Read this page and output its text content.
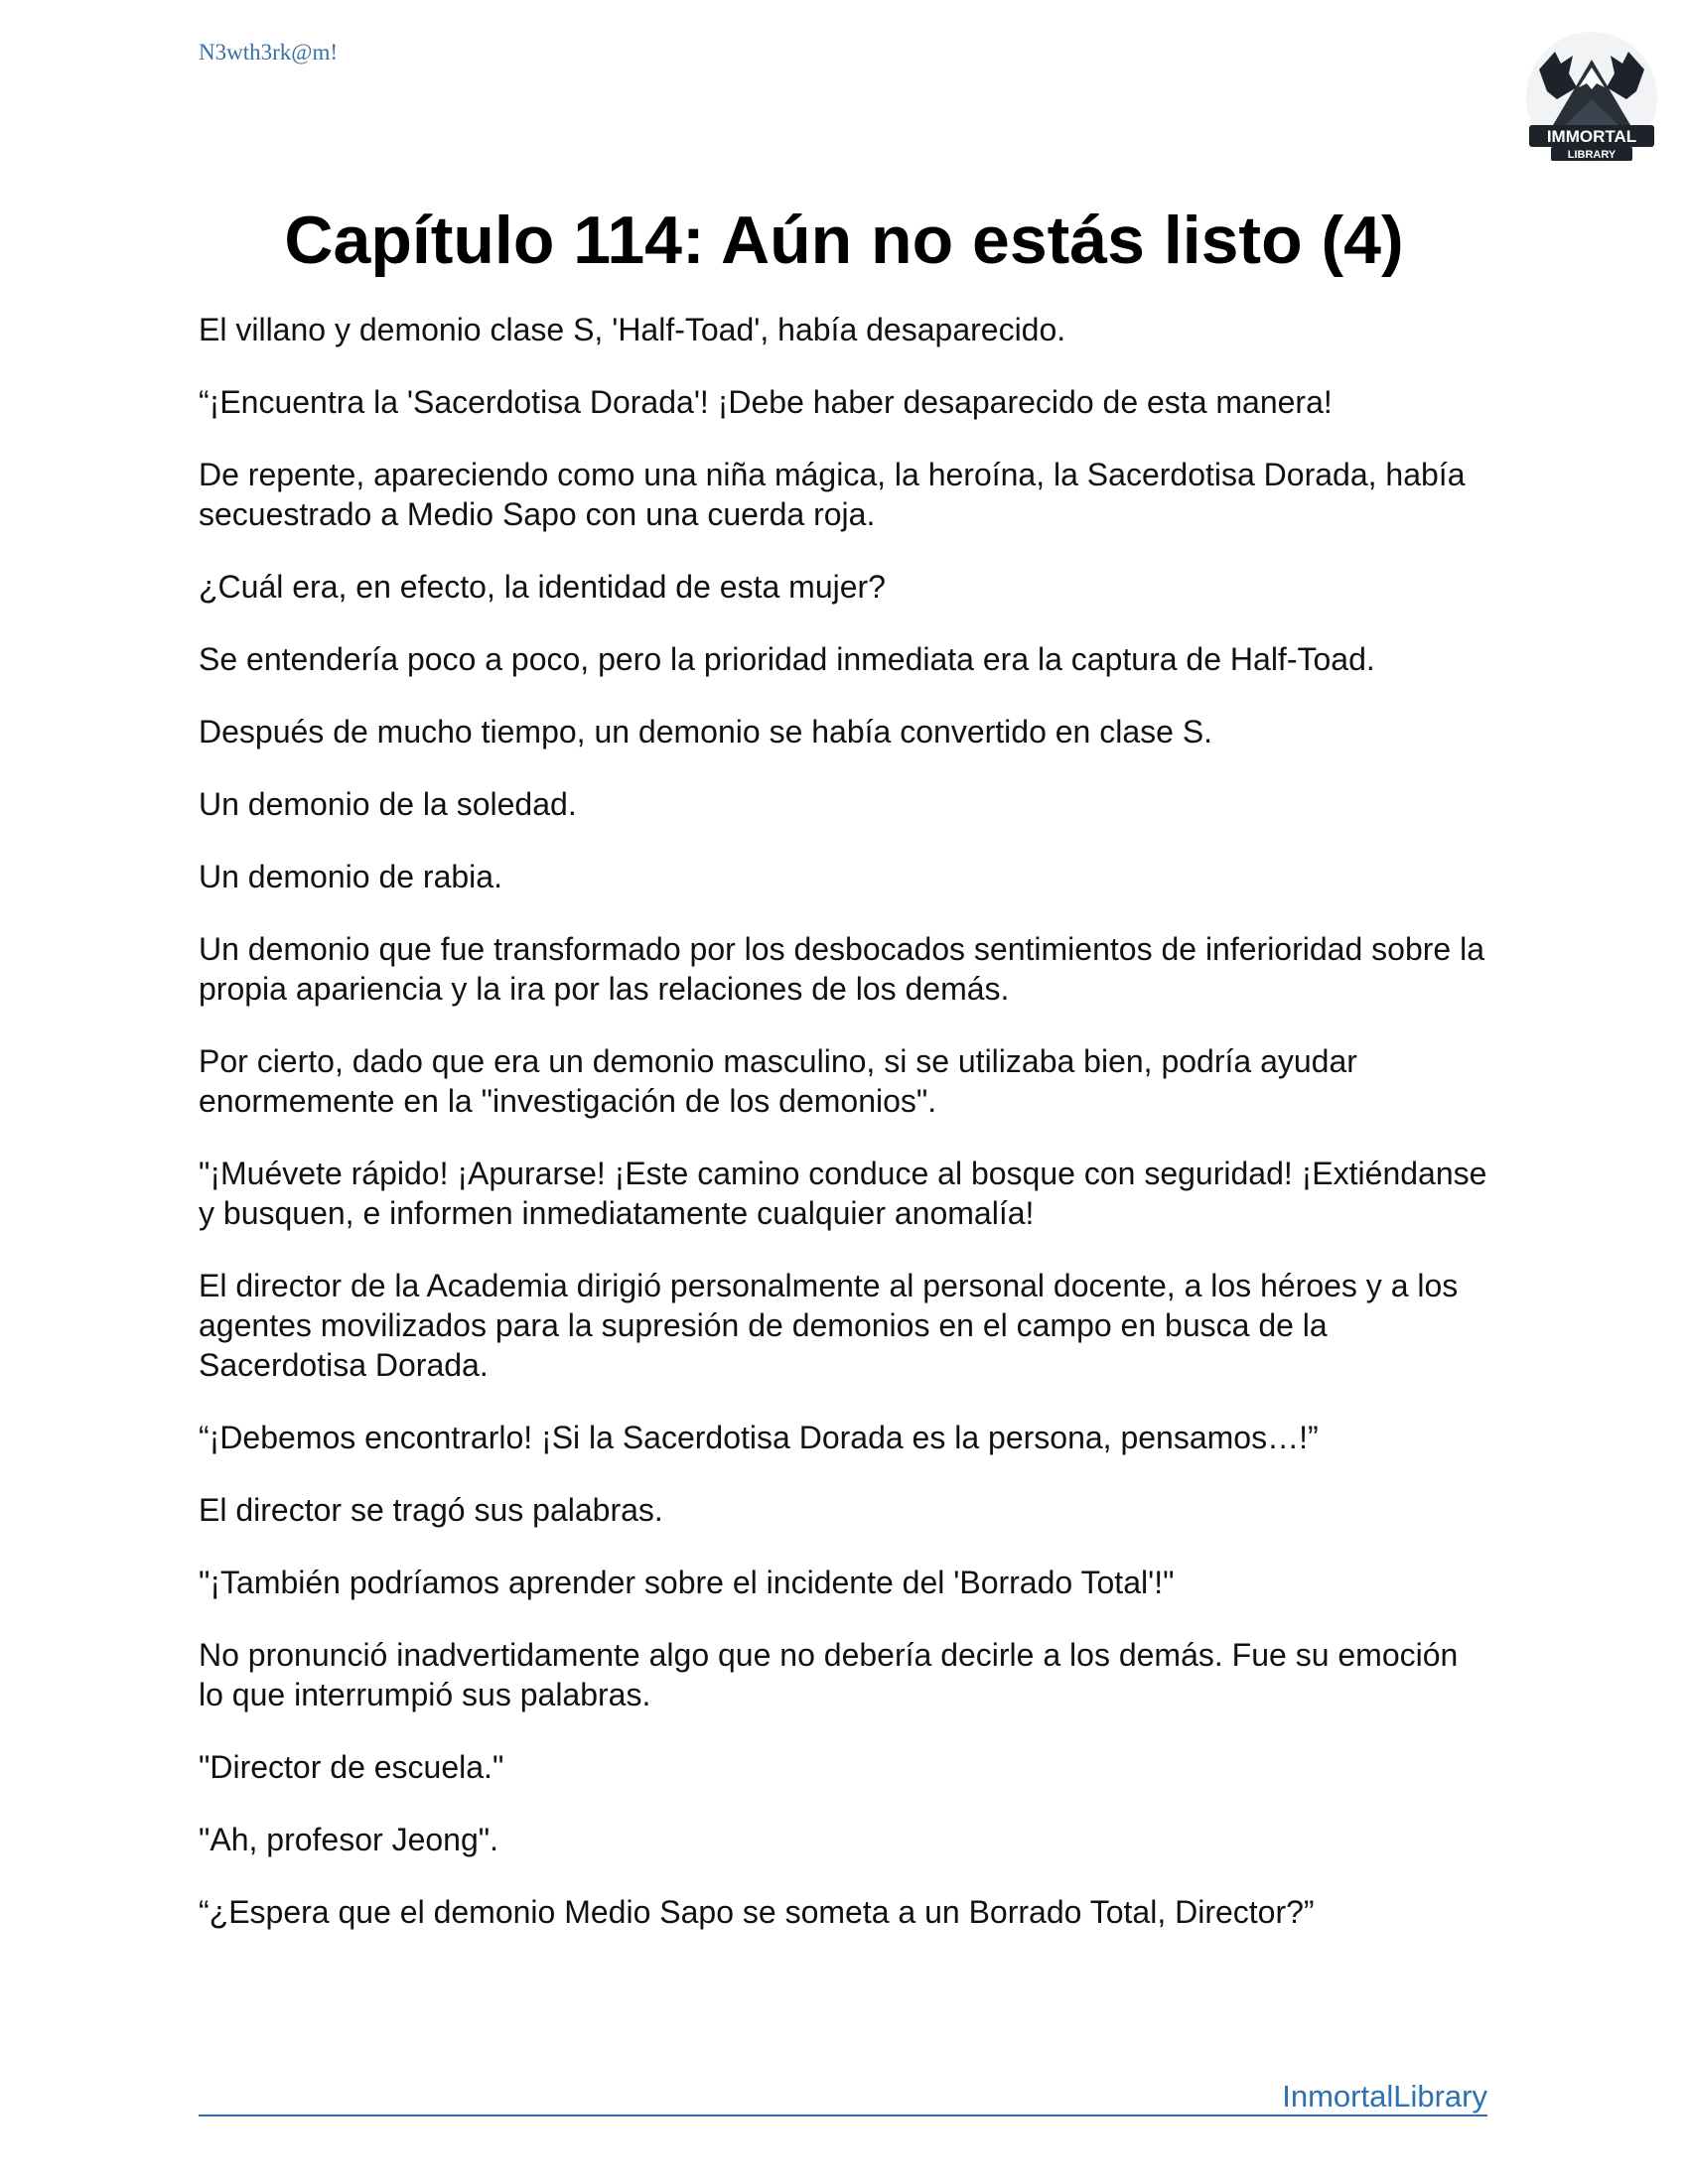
N3wth3rk@m!
IMMORTAL
LIBRARY
Capítulo 114: Aún no estás listo (4)

El villano y demonio clase S, 'Half-Toad', había desaparecido.

“¡Encuentra la 'Sacerdotisa Dorada'! ¡Debe haber desaparecido de esta manera!

De repente, apareciendo como una niña mágica, la heroína, la Sacerdotisa Dorada, había secuestrado a Medio Sapo con una cuerda roja.

¿Cuál era, en efecto, la identidad de esta mujer?

Se entendería poco a poco, pero la prioridad inmediata era la captura de Half-Toad.

Después de mucho tiempo, un demonio se había convertido en clase S.

Un demonio de la soledad.

Un demonio de rabia.

Un demonio que fue transformado por los desbocados sentimientos de inferioridad sobre la propia apariencia y la ira por las relaciones de los demás.

Por cierto, dado que era un demonio masculino, si se utilizaba bien, podría ayudar enormemente en la "investigación de los demonios".

"¡Muévete rápido! ¡Apurarse! ¡Este camino conduce al bosque con seguridad! ¡Extiéndanse y busquen, e informen inmediatamente cualquier anomalía!

El director de la Academia dirigió personalmente al personal docente, a los héroes y a los agentes movilizados para la supresión de demonios en el campo en busca de la Sacerdotisa Dorada.

“¡Debemos encontrarlo! ¡Si la Sacerdotisa Dorada es la persona, pensamos…!”

El director se tragó sus palabras.

"¡También podríamos aprender sobre el incidente del 'Borrado Total'!"

No pronunció inadvertidamente algo que no debería decirle a los demás. Fue su emoción lo que interrumpió sus palabras.

"Director de escuela."

"Ah, profesor Jeong".

“¿Espera que el demonio Medio Sapo se someta a un Borrado Total, Director?”

InmortalLibrary
